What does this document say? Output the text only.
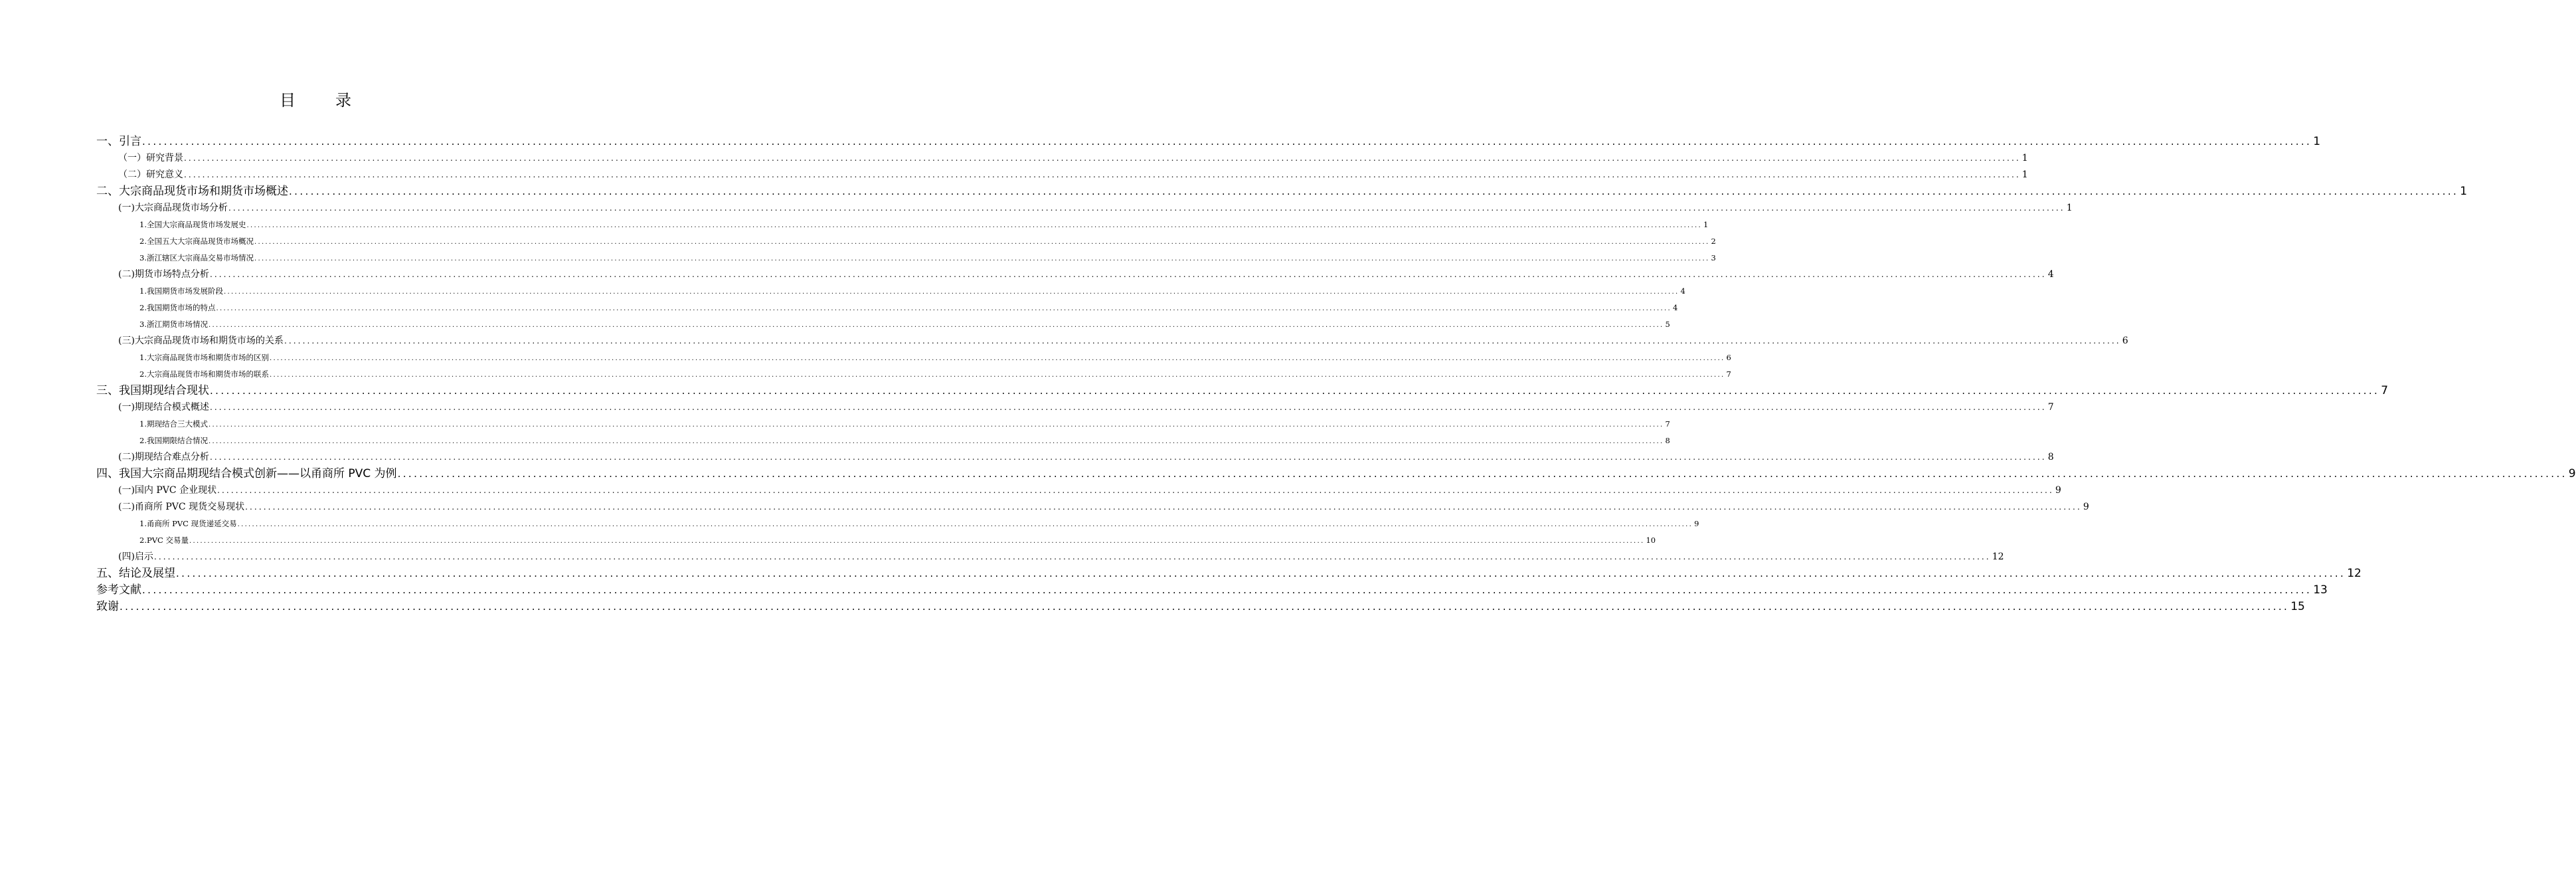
目　录
一、引言 ................................................................................................................................................................................................................................................................................................................................................................................................................ 1
（一）研究背景 ................................................................................................................................................................................................................................................................................................................................................................................................................ 1
（二）研究意义 ................................................................................................................................................................................................................................................................................................................................................................................................................ 1
二、大宗商品现货市场和期货市场概述 ................................................................................................................................................................................................................................................................................................................................................................................................................ 1
(一)大宗商品现货市场分析 ................................................................................................................................................................................................................................................................................................................................................................................................................ 1
1.全国大宗商品现货市场发展史 ................................................................................................................................................................................................................................................................................................................................................................................................................ 1
2.全国五大大宗商品现货市场概况 ................................................................................................................................................................................................................................................................................................................................................................................................................ 2
3.浙江辖区大宗商品交易市场情况 ................................................................................................................................................................................................................................................................................................................................................................................................................ 3
(二)期货市场特点分析 ................................................................................................................................................................................................................................................................................................................................................................................................................ 4
1.我国期货市场发展阶段 ................................................................................................................................................................................................................................................................................................................................................................................................................ 4
2.我国期货市场的特点 ................................................................................................................................................................................................................................................................................................................................................................................................................ 4
3.浙江期货市场情况 ................................................................................................................................................................................................................................................................................................................................................................................................................ 5
(三)大宗商品现货市场和期货市场的关系 ................................................................................................................................................................................................................................................................................................................................................................................................................ 6
1.大宗商品现货市场和期货市场的区别 ................................................................................................................................................................................................................................................................................................................................................................................................................ 6
2.大宗商品现货市场和期货市场的联系 ................................................................................................................................................................................................................................................................................................................................................................................................................ 7
三、我国期现结合现状 ................................................................................................................................................................................................................................................................................................................................................................................................................ 7
(一)期现结合模式概述 ................................................................................................................................................................................................................................................................................................................................................................................................................ 7
1.期现结合三大模式 ................................................................................................................................................................................................................................................................................................................................................................................................................ 7
2.我国期限结合情况 ................................................................................................................................................................................................................................................................................................................................................................................................................ 8
(二)期现结合难点分析 ................................................................................................................................................................................................................................................................................................................................................................................................................ 8
四、我国大宗商品期现结合模式创新——以甬商所 PVC 为例 ................................................................................................................................................................................................................................................................................................................................................................................................................ 9
(一)国内 PVC 企业现状 ................................................................................................................................................................................................................................................................................................................................................................................................................ 9
(二)甬商所 PVC 现货交易现状 ................................................................................................................................................................................................................................................................................................................................................................................................................ 9
1.甬商所 PVC 现货递延交易 ................................................................................................................................................................................................................................................................................................................................................................................................................ 9
2.PVC 交易量 ................................................................................................................................................................................................................................................................................................................................................................................................................ 10
(四)启示 ................................................................................................................................................................................................................................................................................................................................................................................................................ 12
五、结论及展望 ................................................................................................................................................................................................................................................................................................................................................................................................................ 12
参考文献 ................................................................................................................................................................................................................................................................................................................................................................................................................ 13
致谢 ................................................................................................................................................................................................................................................................................................................................................................................................................ 15
